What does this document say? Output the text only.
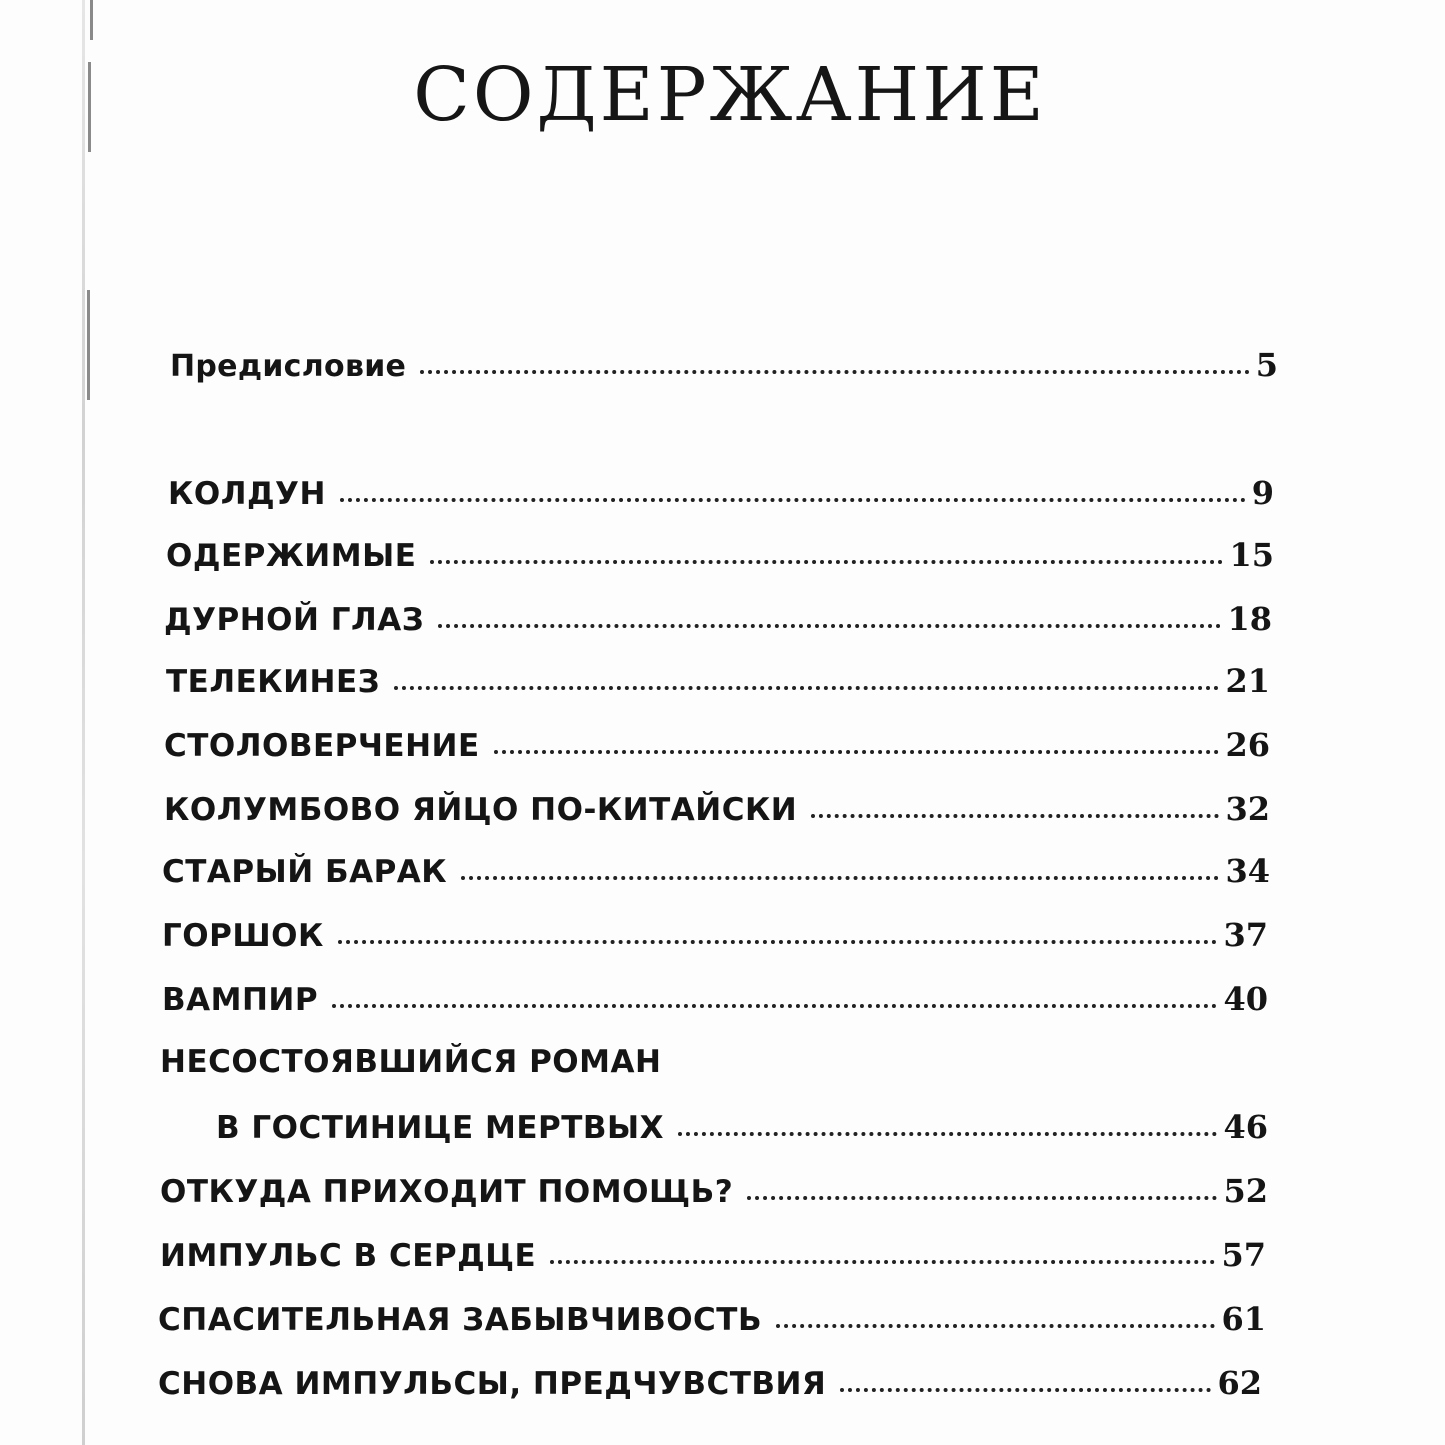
СОДЕРЖАНИЕ
Предисловие	5
КОЛДУН	9
ОДЕРЖИМЫЕ	15
ДУРНОЙ ГЛАЗ	18
ТЕЛЕКИНЕЗ	21
СТОЛОВЕРЧЕНИЕ	26
КОЛУМБОВО ЯЙЦО ПО-КИТАЙСКИ	32
СТАРЫЙ БАРАК	34
ГОРШОК	37
ВАМПИР	40
НЕСОСТОЯВШИЙСЯ РОМАН
В ГОСТИНИЦЕ МЕРТВЫХ	46
ОТКУДА ПРИХОДИТ ПОМОЩЬ?	52
ИМПУЛЬС В СЕРДЦЕ	57
СПАСИТЕЛЬНАЯ ЗАБЫВЧИВОСТЬ	61
СНОВА ИМПУЛЬСЫ, ПРЕДЧУВСТВИЯ	62
